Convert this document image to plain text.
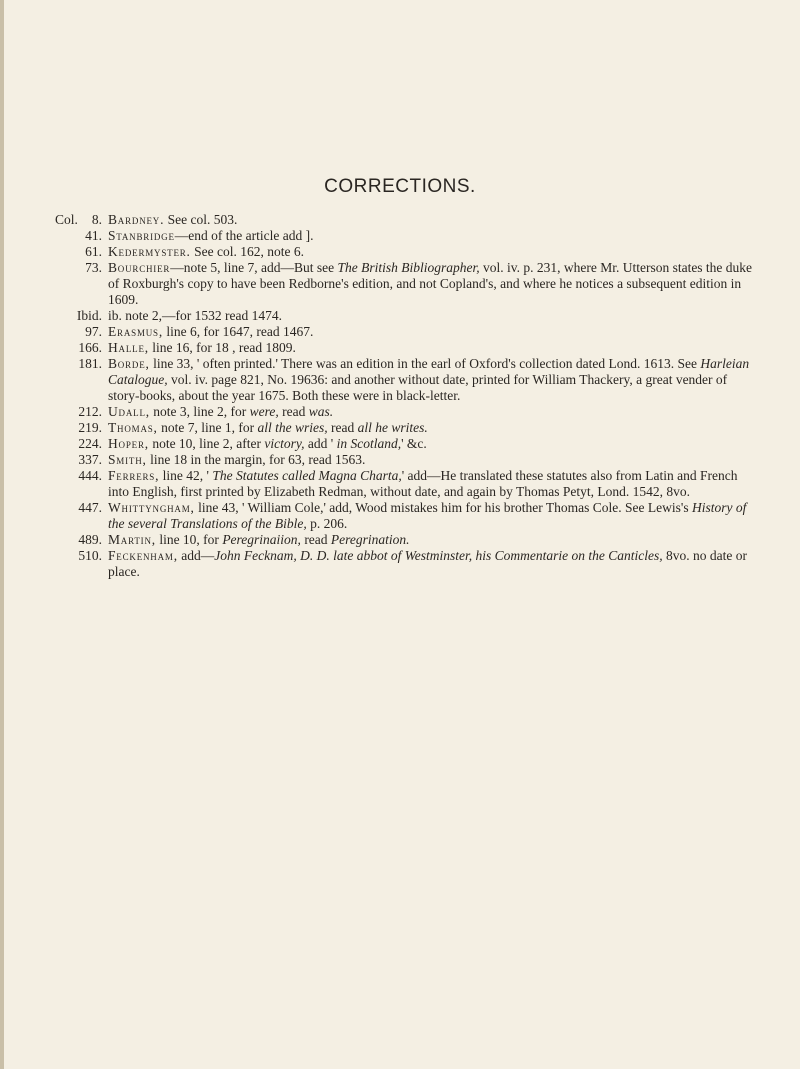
CORRECTIONS.
Col. 8. Bardney. See col. 503.
41. Stanbridge—end of the article add ].
61. Kedermyster. See col. 162, note 6.
73. Bourchier—note 5, line 7, add—But see The British Bibliographer, vol. iv. p. 231, where Mr. Utterson states the duke of Roxburgh's copy to have been Redborne's edition, and not Copland's, and where he notices a subsequent edition in 1609.
Ibid. ib. note 2,—for 1532 read 1474.
97. Erasmus, line 6, for 1647, read 1467.
166. Halle, line 16, for 18 , read 1809.
181. Borde, line 33, ' often printed.' There was an edition in the earl of Oxford's collection dated Lond. 1613. See Harleian Catalogue, vol. iv. page 821, No. 19636: and another without date, printed for William Thackery, a great vender of story-books, about the year 1675. Both these were in black-letter.
212. Udall, note 3, line 2, for were, read was.
219. Thomas, note 7, line 1, for all the wries, read all he writes.
224. Hoper, note 10, line 2, after victory, add ' in Scotland,' &c.
337. Smith, line 18 in the margin, for 63, read 1563.
444. Ferrers, line 42, ' The Statutes called Magna Charta,' add—He translated these statutes also from Latin and French into English, first printed by Elizabeth Redman, without date, and again by Thomas Petyt, Lond. 1542, 8vo.
447. Whittyngham, line 43, ' William Cole,' add, Wood mistakes him for his brother Thomas Cole. See Lewis's History of the several Translations of the Bible, p. 206.
489. Martin, line 10, for Peregrinaiion, read Peregrination.
510. Feckenham, add—John Fecknam, D. D. late abbot of Westminster, his Commentarie on the Canticles, 8vo. no date or place.
